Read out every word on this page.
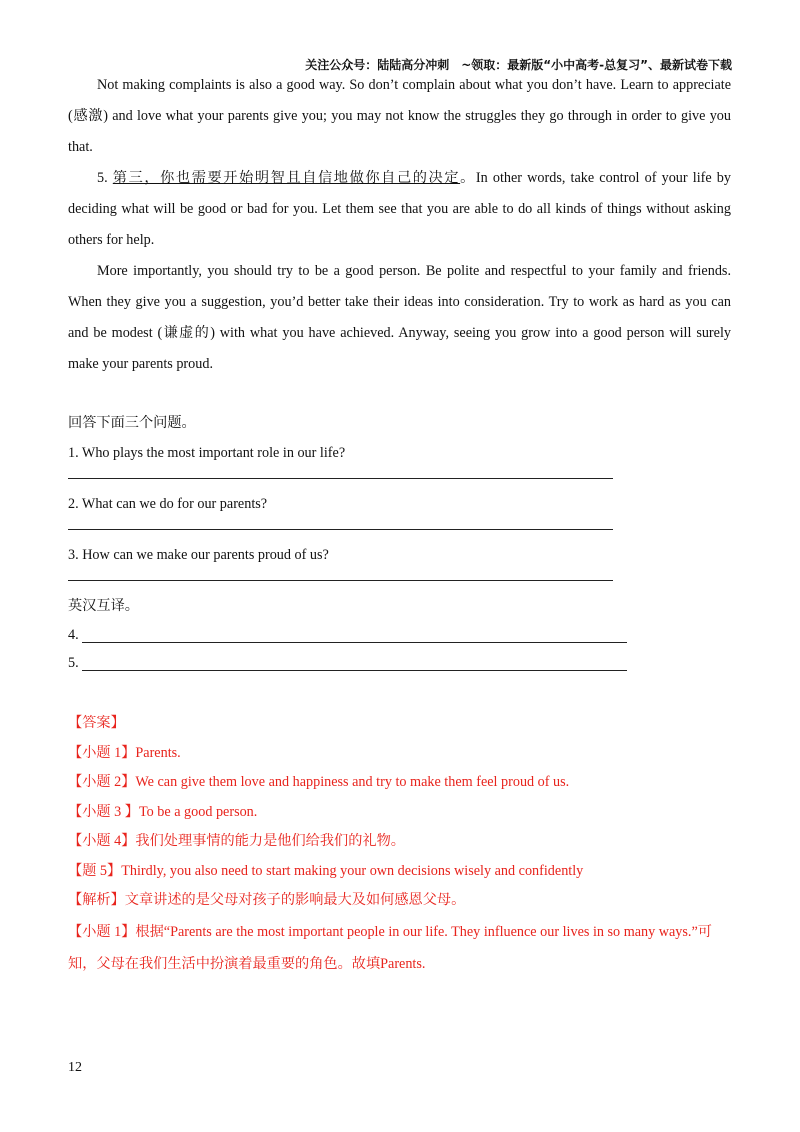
关注公众号：陆陆高分冲刺　~领取：最新版“小中高考-总复习”、最新试卷下载

Not making complaints is also a good way. So don’t complain about what you don’t have. Learn to appreciate (感激) and love what your parents give you; you may not know the struggles they go through in order to give you that.

5. 第三，你也需要开始明智且自信地做你自己的决定。In other words, take control of your life by deciding what will be good or bad for you. Let them see that you are able to do all kinds of things without asking others for help.

More importantly, you should try to be a good person. Be polite and respectful to your family and friends. When they give you a suggestion, you’d better take their ideas into consideration. Try to work as hard as you can and be modest (谦虚的) with what you have achieved. Anyway, seeing you grow into a good person will surely make your parents proud.

回答下面三个问题。

1. Who plays the most important role in our life?

2. What can we do for our parents?

3. How can we make our parents proud of us?

英汉互译。

4.
5.

【答案】

【小题 1】Parents.

【小题 2】We can give them love and happiness and try to make them feel proud of us.

【小题 3 】To be a good person.

【小题 4】我们处理事情的能力是他们给我们的礼物。

【题 5】Thirdly, you also need to start making your own decisions wisely and confidently

【解析】文章讲述的是父母对孩子的影响最大及如何感恩父母。

【小题 1】根据“Parents are the most important people in our life. They influence our lives in so many ways.”可知，父母在我们生活中扮演着最重要的角色。故填Parents.

12
